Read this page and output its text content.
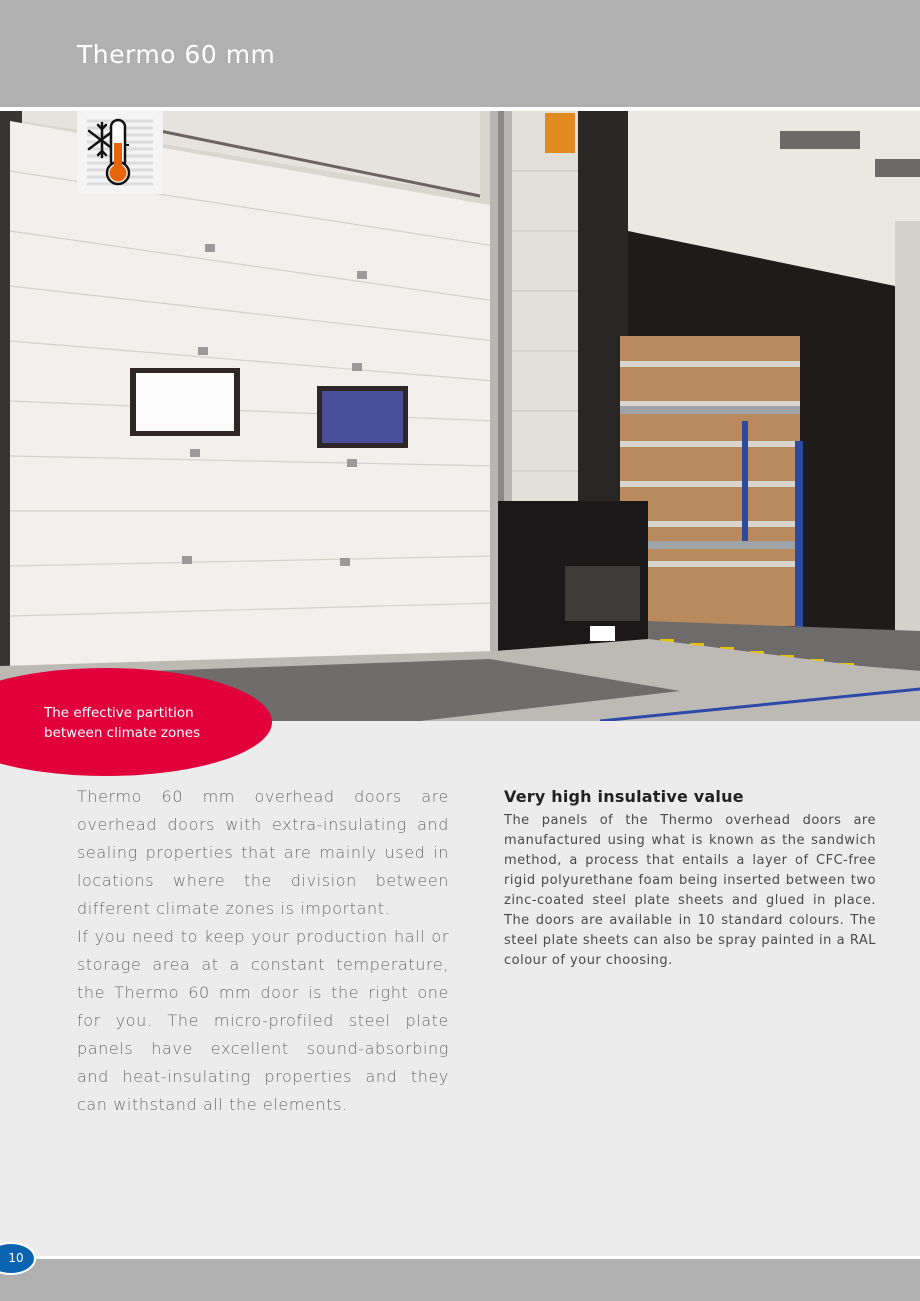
Thermo 60 mm
The effective partition
between climate zones

Thermo 60 mm overhead doors are overhead doors with extra-insulating and sealing properties that are mainly used in locations where the division between different climate zones is important.

If you need to keep your production hall or storage area at a constant temperature, the Thermo 60 mm door is the right one for you. The micro-profiled steel plate panels have excellent sound-absorbing and heat-insulating properties and they can withstand all the elements.

Very high insulative value

The panels of the Thermo overhead doors are manufactured using what is known as the sandwich method, a process that entails a layer of CFC-free rigid polyurethane foam being inserted between two zinc-coated steel plate sheets and glued in place. The doors are available in 10 standard colours. The steel plate sheets can also be spray painted in a RAL colour of your choosing.

10
